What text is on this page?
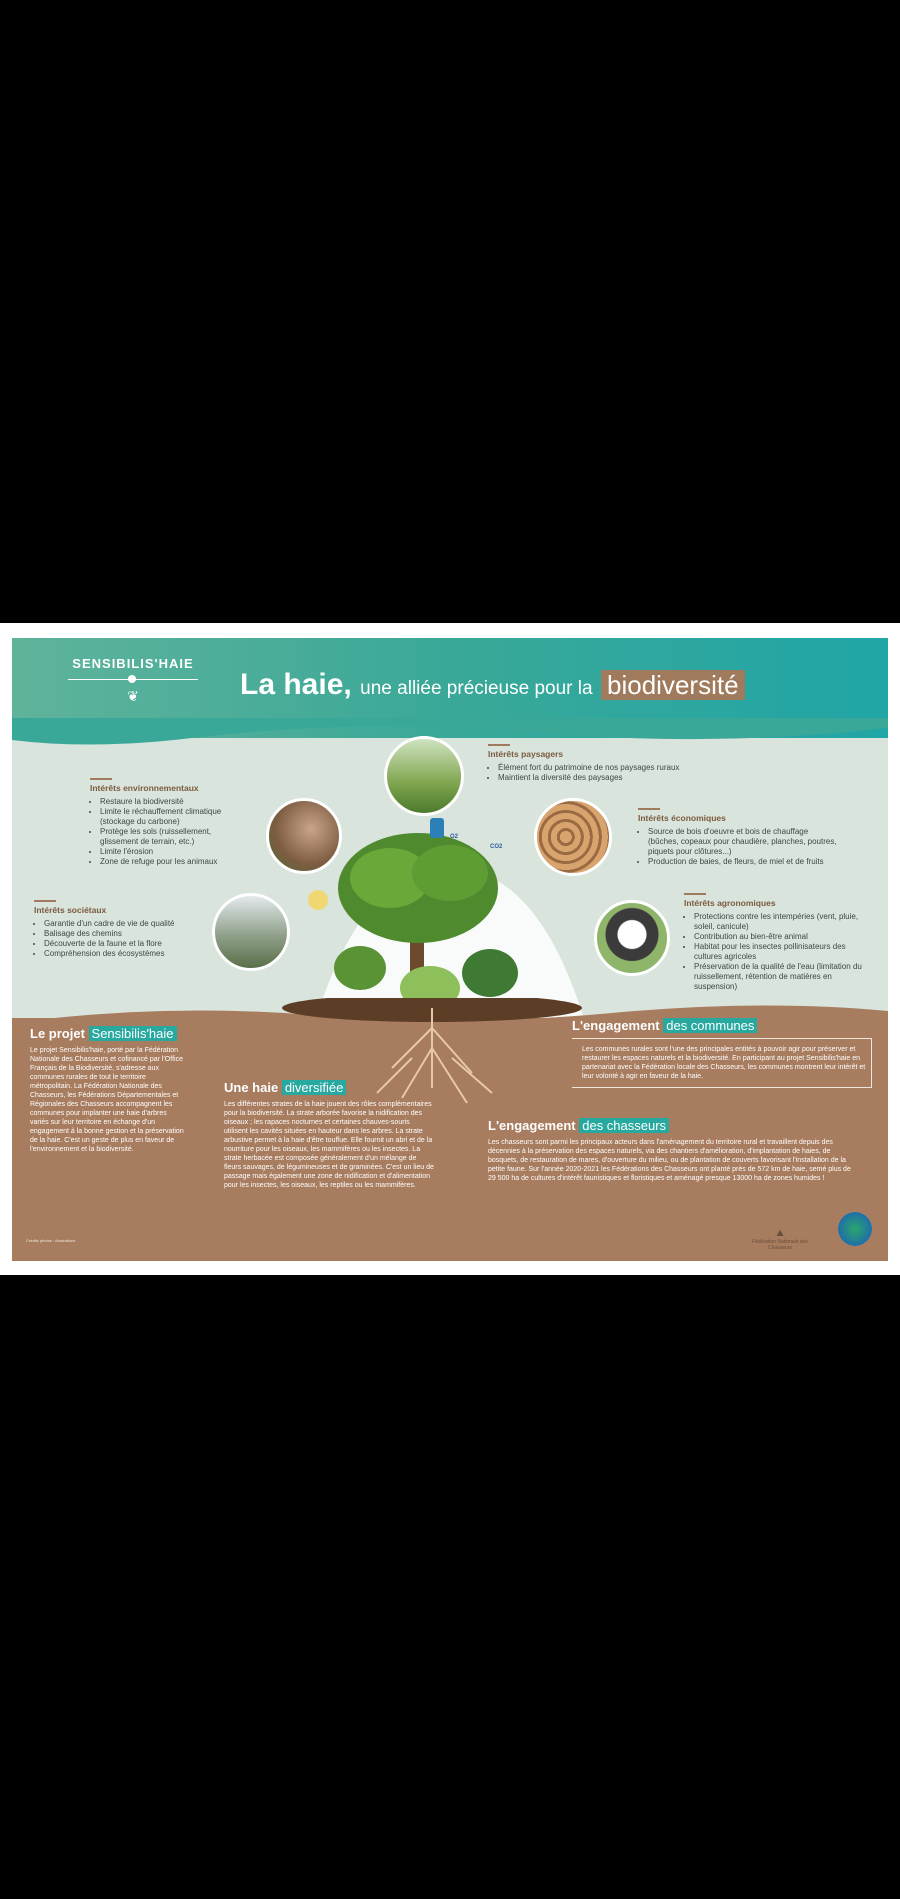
SENSIBILIS'HAIE
❦	La haie, une alliée précieuse pour la biodiversité
O2
CO2
Intérêts environnementaux
• Restaure la biodiversité
• Limite le réchauffement climatique (stockage du carbone)
• Protège les sols (ruissellement, glissement de terrain, etc.)
• Limite l'érosion
• Zone de refuge pour les animaux
Intérêts paysagers
• Élément fort du patrimoine de nos paysages ruraux
• Maintient la diversité des paysages
Intérêts économiques
• Source de bois d'oeuvre et bois de chauffage (bûches, copeaux pour chaudière, planches, poutres, piquets pour clôtures...)
• Production de baies, de fleurs, de miel et de fruits
Intérêts sociétaux
• Garantie d'un cadre de vie de qualité
• Balisage des chemins
• Découverte de la faune et la flore
• Compréhension des écosystèmes
Intérêts agronomiques
• Protections contre les intempéries (vent, pluie, soleil, canicule)
• Contribution au bien-être animal
• Habitat pour les insectes pollinisateurs des cultures agricoles
• Préservation de la qualité de l'eau (limitation du ruissellement, rétention de matières en suspension)
Le projet Sensibilis'haie

Le projet Sensibilis'haie, porté par la Fédération Nationale des Chasseurs et cofinancé par l'Office Français de la Biodiversité, s'adresse aux communes rurales de tout le territoire métropolitain. La Fédération Nationale des Chasseurs, les Fédérations Départementales et Régionales des Chasseurs accompagnent les communes pour implanter une haie d'arbres variés sur leur territoire en échange d'un engagement à la bonne gestion et la préservation de la haie. C'est un geste de plus en faveur de l'environnement et la biodiversité.

Une haie diversifiée

Les différentes strates de la haie jouent des rôles complémentaires pour la biodiversité. La strate arborée favorise la nidification des oiseaux ; les rapaces nocturnes et certaines chauves-souris utilisent les cavités situées en hauteur dans les arbres. La strate arbustive permet à la haie d'être touffue. Elle fournit un abri et de la nourriture pour les oiseaux, les mammifères ou les insectes. La strate herbacée est composée généralement d'un mélange de fleurs sauvages, de légumineuses et de graminées. C'est un lieu de passage mais également une zone de nidification et d'alimentation pour les insectes, les oiseaux, les reptiles ou les mammifères.

L'engagement des communes

Les communes rurales sont l'une des principales entités à pouvoir agir pour préserver et restaurer les espaces naturels et la biodiversité. En participant au projet Sensibilis'haie en partenariat avec la Fédération locale des Chasseurs, les communes montrent leur intérêt et leur volonté à agir en faveur de la haie.

L'engagement des chasseurs

Les chasseurs sont parmi les principaux acteurs dans l'aménagement du territoire rural et travaillent depuis des décennies à la préservation des espaces naturels, via des chantiers d'amélioration, d'implantation de haies, de bosquets, de restauration de mares, d'ouverture du milieu, ou de plantation de couverts favorisant l'installation de la petite faune. Sur l'année 2020-2021 les Fédérations des Chasseurs ont planté près de 572 km de haie, semé plus de 29 500 ha de cultures d'intérêt faunistiques et floristiques et aménagé presque 13000 ha de zones humides !

Crédits photos · illustrations
⛰
Fédération Nationale des Chasseurs
